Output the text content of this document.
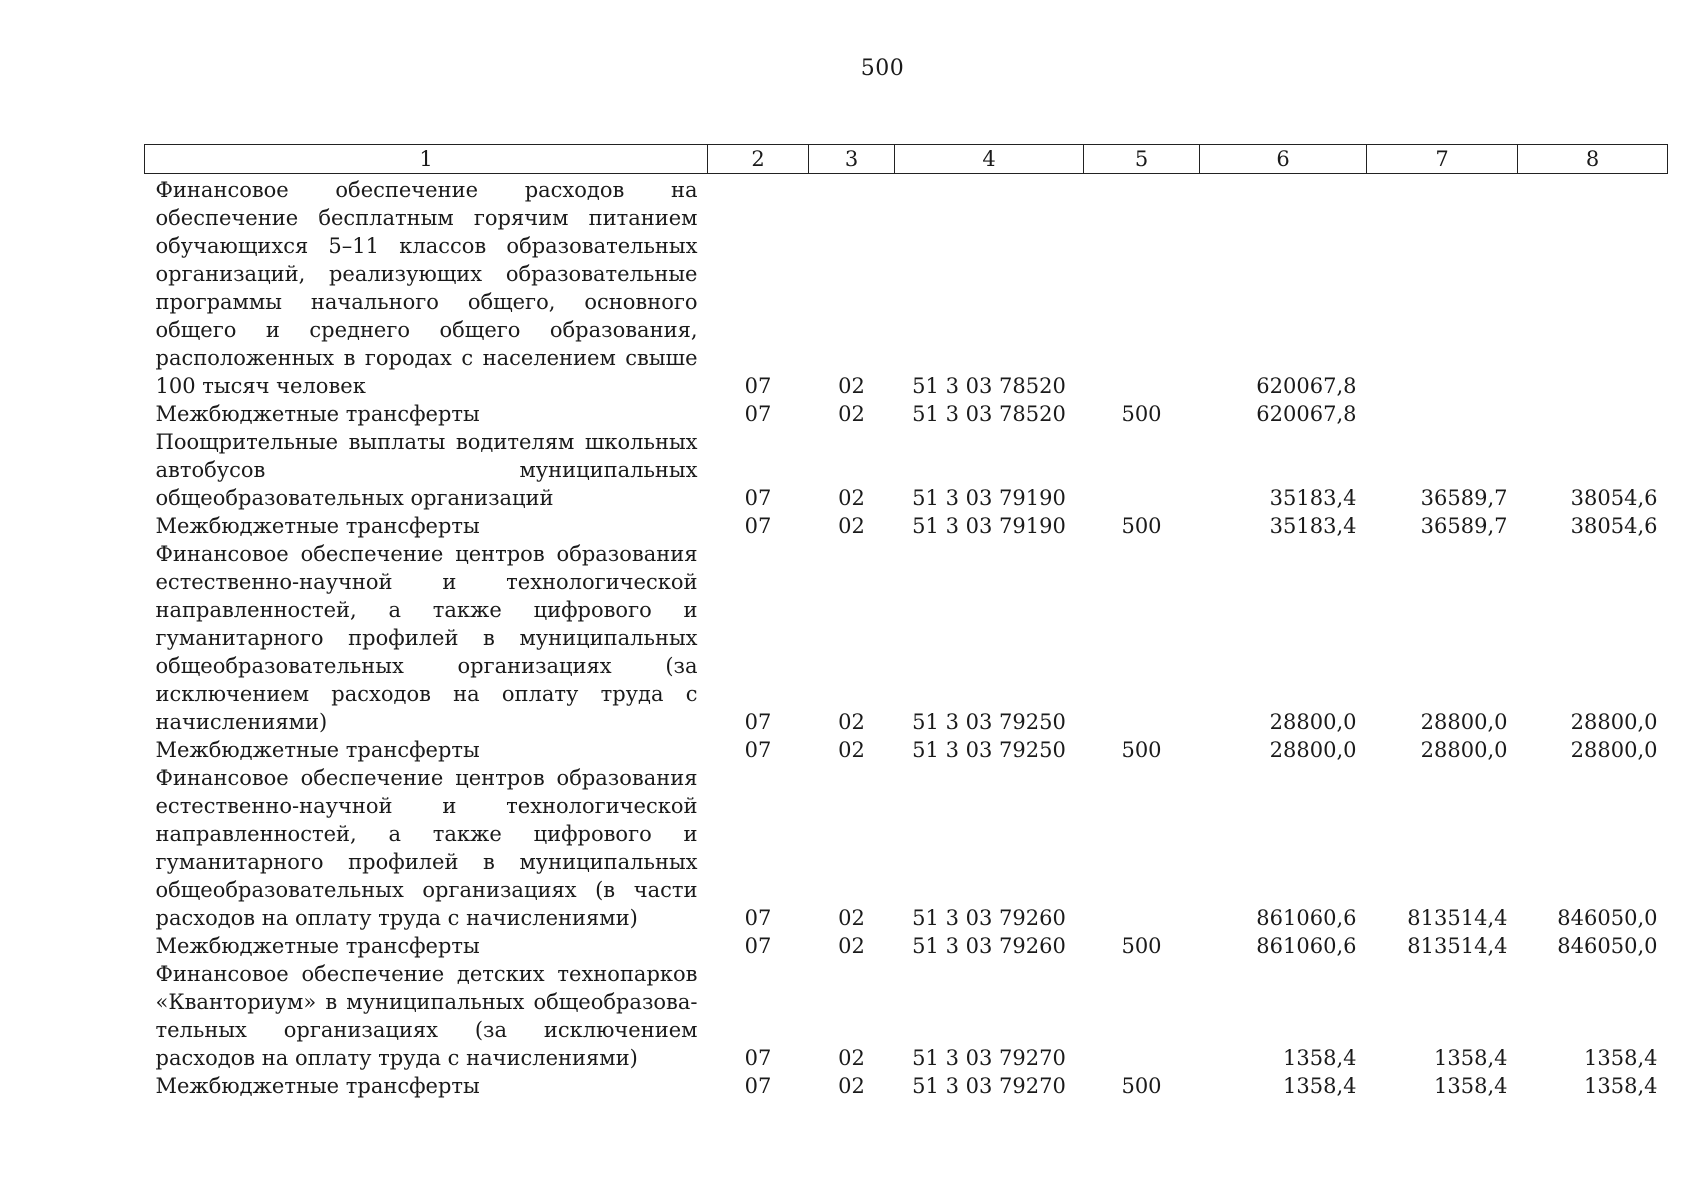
500
1	2	3	4	5	6	7	8
Финансовое обеспечение расходов на обеспечение бесплатным горячим питанием обучающихся 5–11 классов образовательных организаций, реализующих образовательные программы начального общего, основного общего и среднего общего образования, расположенных в городах с населением свыше 100 тысяч человек	07	02	51 3 03 78520		620067,8		
Межбюджетные трансферты	07	02	51 3 03 78520	500	620067,8		
Поощрительные выплаты водителям школьных автобусов муниципальных общеобразовательных организаций	07	02	51 3 03 79190		35183,4	36589,7	38054,6
Межбюджетные трансферты	07	02	51 3 03 79190	500	35183,4	36589,7	38054,6
Финансовое обеспечение центров образования естественно-научной и технологической направленностей, а также цифрового и гуманитарного профилей в муниципальных общеобразовательных организациях (за исключением расходов на оплату труда с начислениями)	07	02	51 3 03 79250		28800,0	28800,0	28800,0
Межбюджетные трансферты	07	02	51 3 03 79250	500	28800,0	28800,0	28800,0
Финансовое обеспечение центров образования естественно-научной и технологической направленностей, а также цифрового и гуманитарного профилей в муниципальных общеобразовательных организациях (в части расходов на оплату труда с начислениями)	07	02	51 3 03 79260		861060,6	813514,4	846050,0
Межбюджетные трансферты	07	02	51 3 03 79260	500	861060,6	813514,4	846050,0
Финансовое обеспечение детских технопарков «Кванториум» в муниципальных общеобразовательных организациях (за исключением расходов на оплату труда с начислениями)	07	02	51 3 03 79270		1358,4	1358,4	1358,4
Межбюджетные трансферты	07	02	51 3 03 79270	500	1358,4	1358,4	1358,4
